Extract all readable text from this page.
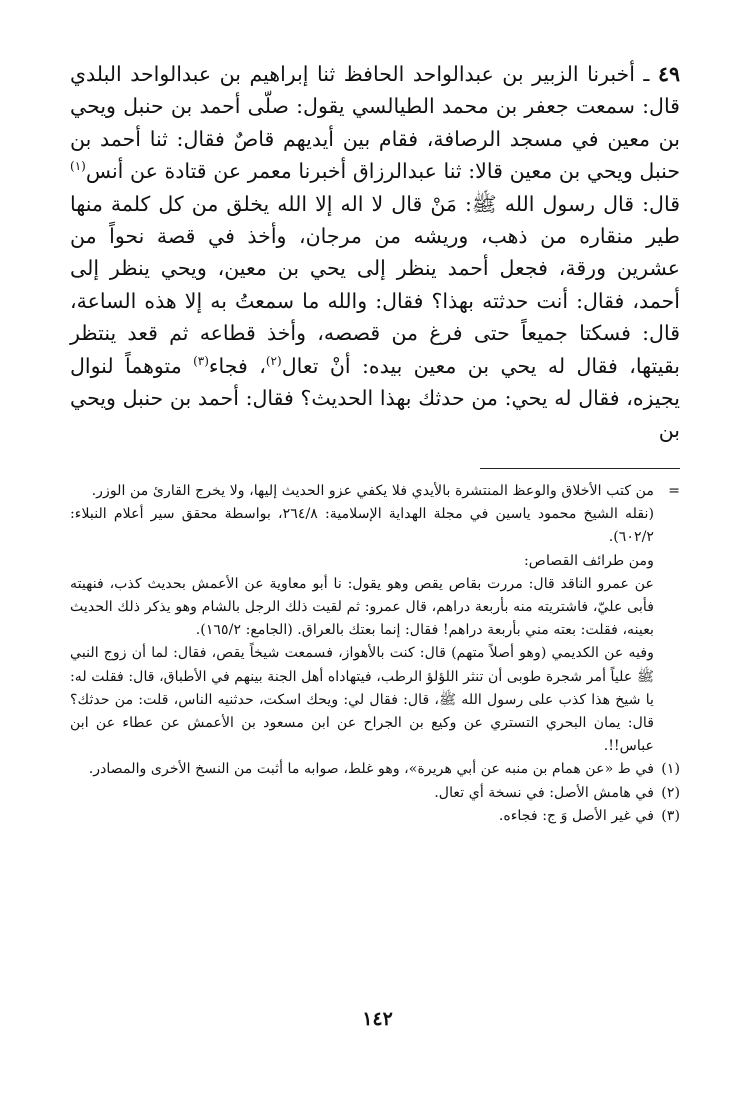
٤٩ ـ أخبرنا الزبير بن عبدالواحد الحافظ ثنا إبراهيم بن عبدالواحد البلدي قال: سمعت جعفر بن محمد الطيالسي يقول: صلّى أحمد بن حنبل ويحي بن معين في مسجد الرصافة، فقام بين أيديهم قاصٌ فقال: ثنا أحمد بن حنبل ويحي بن معين قالا: ثنا عبدالرزاق أخبرنا معمر عن قتادة عن أنس$^{(١)}$ قال: قال رسول الله ﷺ: مَنْ قال لا اله إلا الله يخلق من كل كلمة منها طير منقاره من ذهب، وريشه من مرجان، وأخذ في قصة نحواً من عشرين ورقة، فجعل أحمد ينظر إلى يحي بن معين، ويحي ينظر إلى أحمد، فقال: أنت حدثته بهذا؟ فقال: والله ما سمعتُ به إلا هذه الساعة، قال: فسكتا جميعاً حتى فرغ من قصصه، وأخذ قطاعه ثم قعد ينتظر بقيتها، فقال له يحي بن معين بيده: أنْ تعال$^{(٢)}$، فجاء$^{(٣)}$ متوهماً لنوال يجيزه، فقال له يحي: من حدثك بهذا الحديث؟ فقال: أحمد بن حنبل ويحي بن

=

من كتب الأخلاق والوعظ المنتشرة بالأيدي فلا يكفي عزو الحديث إليها، ولا يخرج القارئ من الوزر.

(نقله الشيخ محمود ياسين في مجلة الهداية الإسلامية: ٢٦٤/٨، بواسطة محقق سير أعلام النبلاء: ٦٠٢/٢).

ومن طرائف القصاص:

عن عمرو الناقد قال: مررت بقاص يقص وهو يقول: نا أبو معاوية عن الأعمش بحديث كذب، فنهيته فأبى عليّ، فاشتريته منه بأربعة دراهم، قال عمرو: ثم لقيت ذلك الرجل بالشام وهو يذكر ذلك الحديث بعينه، فقلت: بعته مني بأربعة دراهم! فقال: إنما بعتك بالعراق. (الجامع: ١٦٥/٢).

وفيه عن الكديمي (وهو أصلاً متهم) قال: كنت بالأهواز، فسمعت شيخاً يقص، فقال: لما أن زوج النبي ﷺ علياً أمر شجرة طوبى أن تنثر اللؤلؤ الرطب، فيتهاداه أهل الجنة بينهم في الأطباق، قال: فقلت له: يا شيخ هذا كذب على رسول الله ﷺ، قال: فقال لي: ويحك اسكت، حدثنيه الناس، قلت: من حدثك؟ قال: يمان البحري التستري عن وكيع بن الجراح عن ابن مسعود بن الأعمش عن عطاء عن ابن عباس!!.

(١)

في ط «عن همام بن منبه عن أبي هريرة»، وهو غلط، صوابه ما أثبت من النسخ الأخرى والمصادر.

(٢)

في هامش الأصل: في نسخة أي تعال.

(٣)

في غير الأصل وَ ج: فجاءه.

١٤٢
